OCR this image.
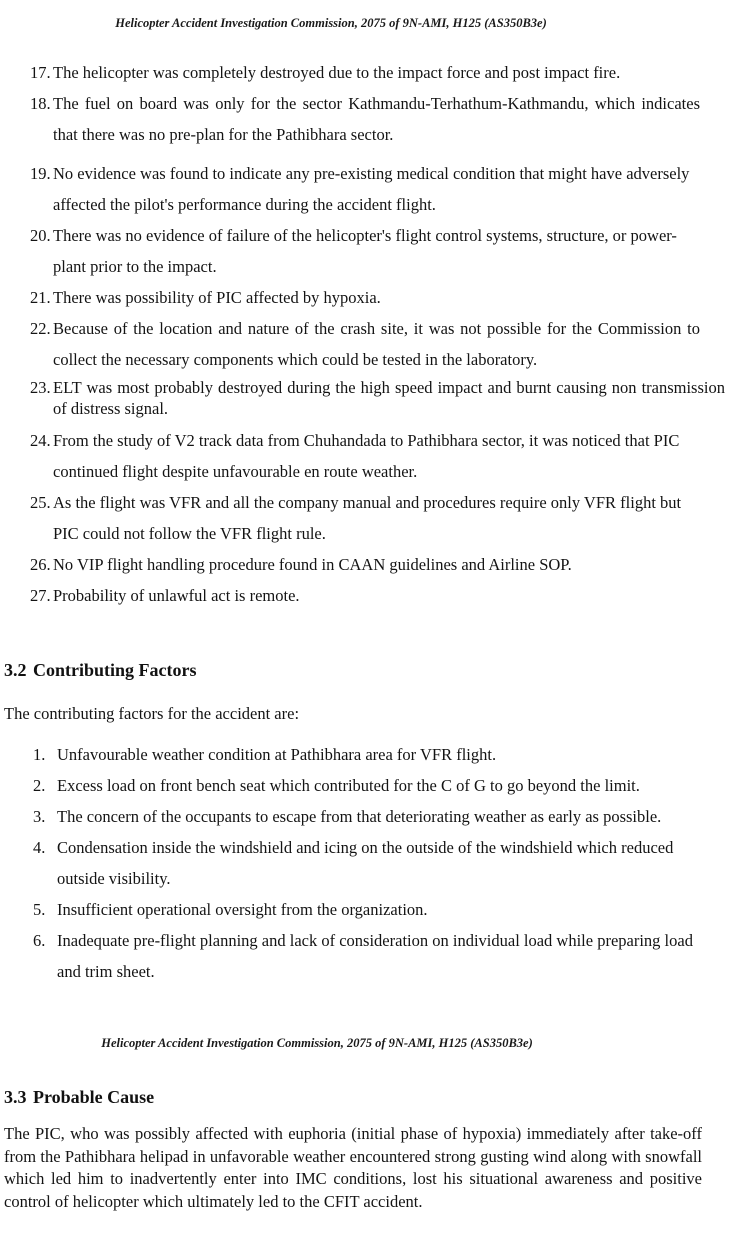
Helicopter Accident Investigation Commission, 2075 of 9N-AMI, H125 (AS350B3e)
17. The helicopter was completely destroyed due to the impact force and post impact fire.
18. The fuel on board was only for the sector Kathmandu-Terhathum-Kathmandu, which indicates that there was no pre-plan for the Pathibhara sector.
19. No evidence was found to indicate any pre-existing medical condition that might have adversely affected the pilot's performance during the accident flight.
20. There was no evidence of failure of the helicopter's flight control systems, structure, or power-plant prior to the impact.
21. There was possibility of PIC affected by hypoxia.
22. Because of the location and nature of the crash site, it was not possible for the Commission to collect the necessary components which could be tested in the laboratory.
23. ELT was most probably destroyed during the high speed impact and burnt causing non transmission of distress signal.
24. From the study of V2 track data from Chuhandada to Pathibhara sector, it was noticed that PIC continued flight despite unfavourable en route weather.
25. As the flight was VFR and all the company manual and procedures require only VFR flight but PIC could not follow the VFR flight rule.
26. No VIP flight handling procedure found in CAAN guidelines and Airline SOP.
27. Probability of unlawful act is remote.
3.2 Contributing Factors
The contributing factors for the accident are:
1. Unfavourable weather condition at Pathibhara area for VFR flight.
2. Excess load on front bench seat which contributed for the C of G to go beyond the limit.
3. The concern of the occupants to escape from that deteriorating weather as early as possible.
4. Condensation inside the windshield and icing on the outside of the windshield which reduced outside visibility.
5. Insufficient operational oversight from the organization.
6. Inadequate pre-flight planning and lack of consideration on individual load while preparing load and trim sheet.
Helicopter Accident Investigation Commission, 2075 of 9N-AMI, H125 (AS350B3e)
3.3 Probable Cause
The PIC, who was possibly affected with euphoria (initial phase of hypoxia) immediately after take-off from the Pathibhara helipad in unfavorable weather encountered strong gusting wind along with snowfall which led him to inadvertently enter into IMC conditions, lost his situational awareness and positive control of helicopter which ultimately led to the CFIT accident.
